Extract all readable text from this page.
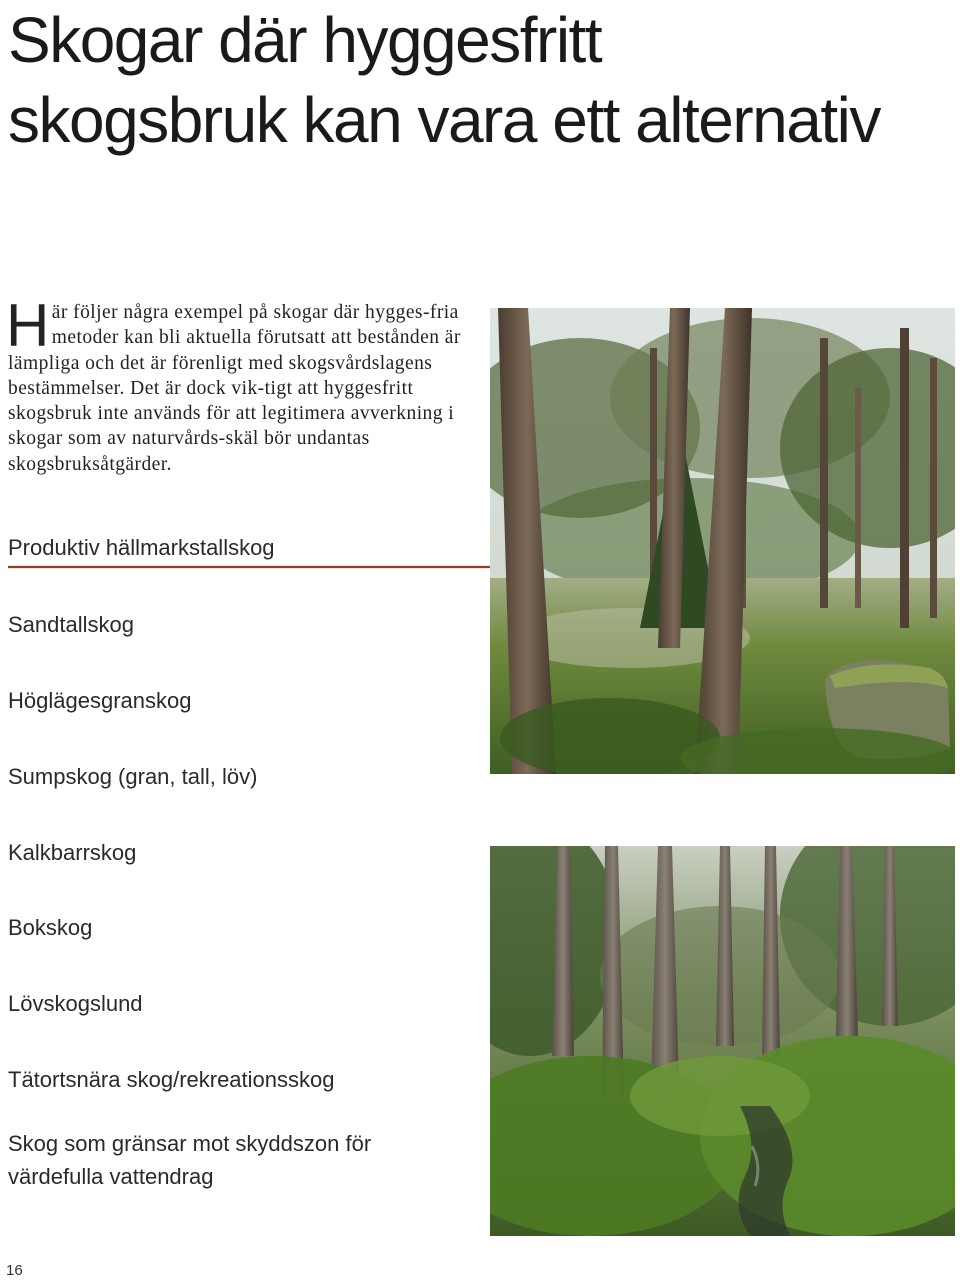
Skogar där hyggesfritt
skogsbruk kan vara ett alternativ

Här följer några exempel på skogar där hygges-fria metoder kan bli aktuella förutsatt att bestånden är lämpliga och det är förenligt med skogsvårdslagens bestämmelser. Det är dock vik-tigt att hyggesfritt skogsbruk inte används för att legitimera avverkning i skogar som av naturvårds-skäl bör undantas skogsbruksåtgärder.

Produktiv hällmarkstallskog

Sandtallskog

Höglägesgranskog

Sumpskog (gran, tall, löv)

Kalkbarrskog

Bokskog

Lövskogslund

Tätortsnära skog/rekreationsskog

Skog som gränsar mot skyddszon för
värdefulla vattendrag

16
